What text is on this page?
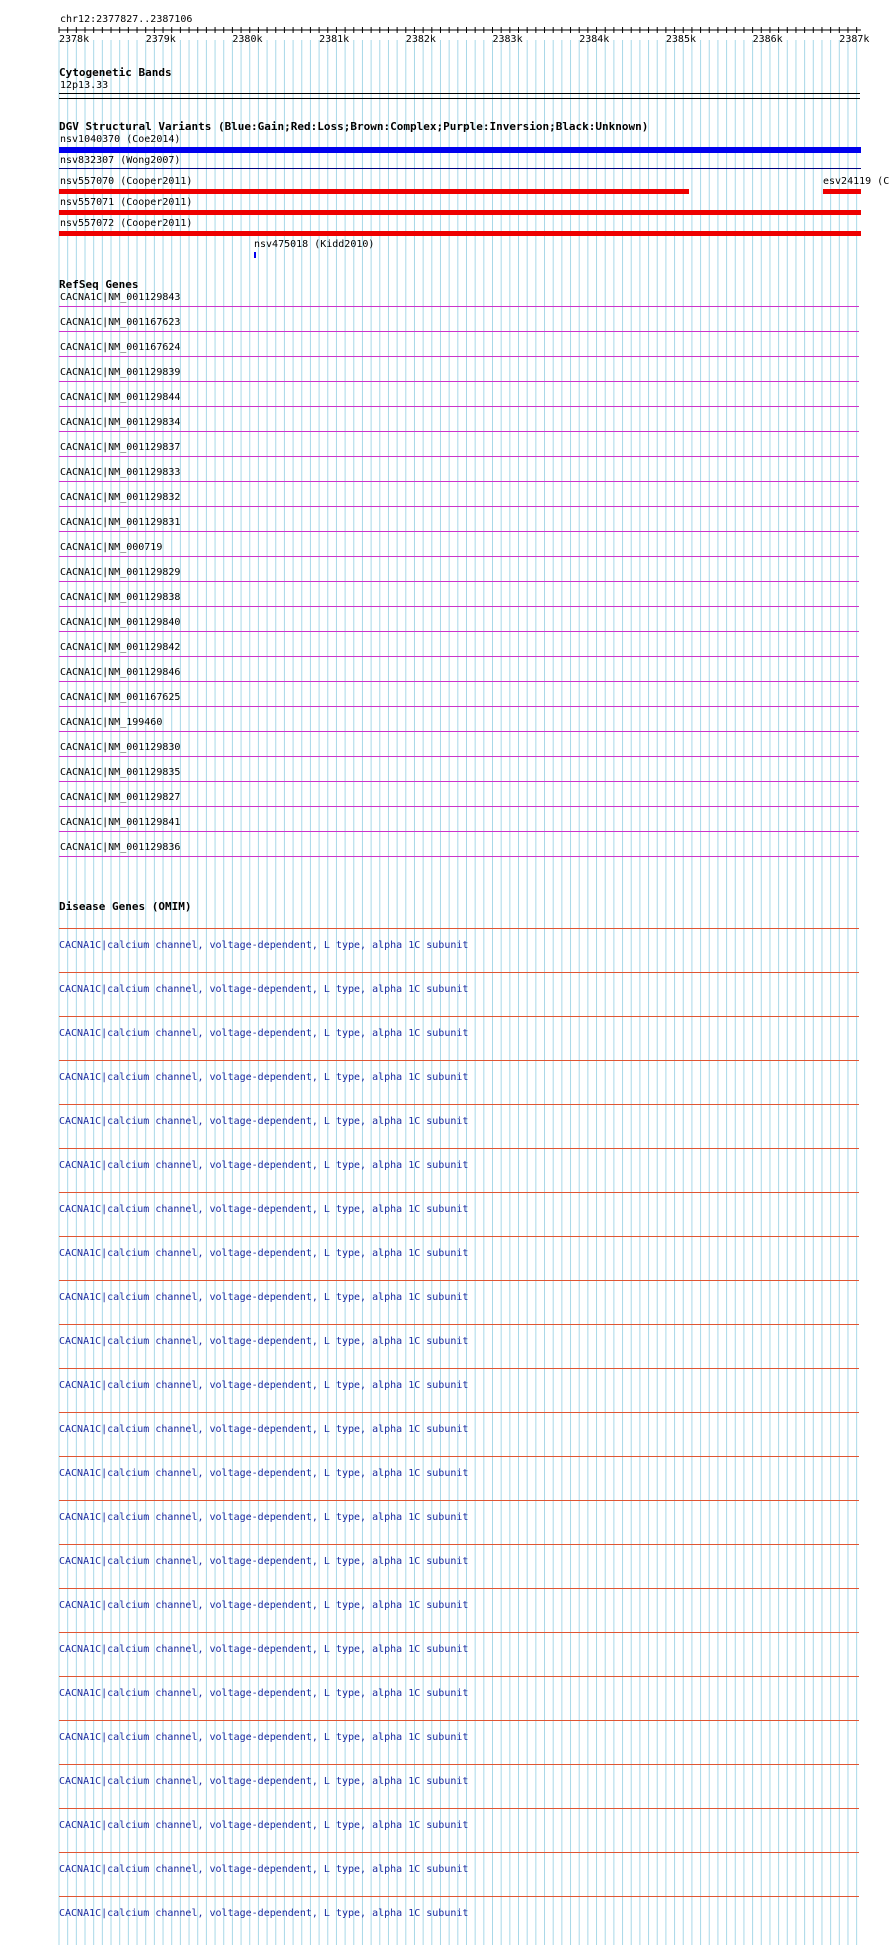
chr12:2377827..2387106
2378k	2379k	2380k	2381k	2382k	2383k	2384k	2385k	2386k	2387k
Cytogenetic Bands
12p13.33
DGV Structural Variants (Blue:Gain;Red:Loss;Brown:Complex;Purple:Inversion;Black:Unknown)
nsv1040370 (Coe2014)
nsv832307 (Wong2007)
nsv557070 (Cooper2011)	esv24119 (C
nsv557071 (Cooper2011)
nsv557072 (Cooper2011)
nsv475018 (Kidd2010)
RefSeq Genes
CACNA1C|NM_001129843
CACNA1C|NM_001167623
CACNA1C|NM_001167624
CACNA1C|NM_001129839
CACNA1C|NM_001129844
CACNA1C|NM_001129834
CACNA1C|NM_001129837
CACNA1C|NM_001129833
CACNA1C|NM_001129832
CACNA1C|NM_001129831
CACNA1C|NM_000719
CACNA1C|NM_001129829
CACNA1C|NM_001129838
CACNA1C|NM_001129840
CACNA1C|NM_001129842
CACNA1C|NM_001129846
CACNA1C|NM_001167625
CACNA1C|NM_199460
CACNA1C|NM_001129830
CACNA1C|NM_001129835
CACNA1C|NM_001129827
CACNA1C|NM_001129841
CACNA1C|NM_001129836
Disease Genes (OMIM)
CACNA1C|calcium channel, voltage-dependent, L type, alpha 1C subunit
CACNA1C|calcium channel, voltage-dependent, L type, alpha 1C subunit
CACNA1C|calcium channel, voltage-dependent, L type, alpha 1C subunit
CACNA1C|calcium channel, voltage-dependent, L type, alpha 1C subunit
CACNA1C|calcium channel, voltage-dependent, L type, alpha 1C subunit
CACNA1C|calcium channel, voltage-dependent, L type, alpha 1C subunit
CACNA1C|calcium channel, voltage-dependent, L type, alpha 1C subunit
CACNA1C|calcium channel, voltage-dependent, L type, alpha 1C subunit
CACNA1C|calcium channel, voltage-dependent, L type, alpha 1C subunit
CACNA1C|calcium channel, voltage-dependent, L type, alpha 1C subunit
CACNA1C|calcium channel, voltage-dependent, L type, alpha 1C subunit
CACNA1C|calcium channel, voltage-dependent, L type, alpha 1C subunit
CACNA1C|calcium channel, voltage-dependent, L type, alpha 1C subunit
CACNA1C|calcium channel, voltage-dependent, L type, alpha 1C subunit
CACNA1C|calcium channel, voltage-dependent, L type, alpha 1C subunit
CACNA1C|calcium channel, voltage-dependent, L type, alpha 1C subunit
CACNA1C|calcium channel, voltage-dependent, L type, alpha 1C subunit
CACNA1C|calcium channel, voltage-dependent, L type, alpha 1C subunit
CACNA1C|calcium channel, voltage-dependent, L type, alpha 1C subunit
CACNA1C|calcium channel, voltage-dependent, L type, alpha 1C subunit
CACNA1C|calcium channel, voltage-dependent, L type, alpha 1C subunit
CACNA1C|calcium channel, voltage-dependent, L type, alpha 1C subunit
CACNA1C|calcium channel, voltage-dependent, L type, alpha 1C subunit
